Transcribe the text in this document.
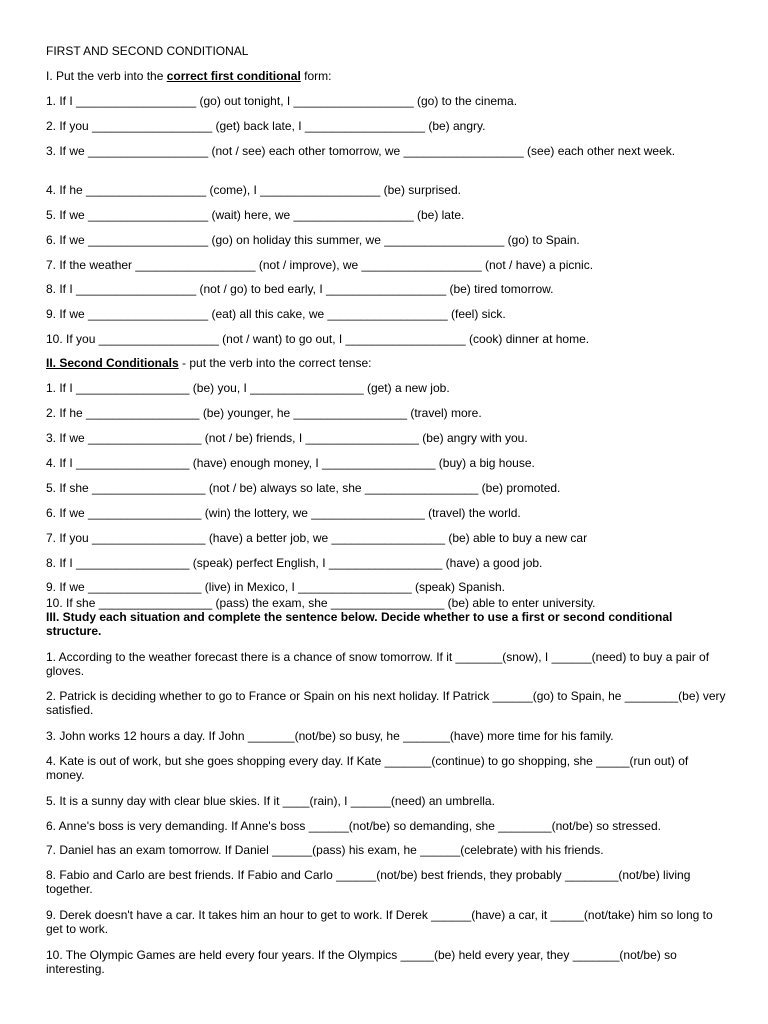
FIRST AND SECOND CONDITIONAL
I. Put the verb into the correct first conditional form:
1. If I __________________ (go) out tonight, I __________________ (go) to the cinema.
2. If you __________________ (get) back late, I __________________ (be) angry.
3. If we __________________ (not / see) each other tomorrow, we __________________ (see) each other next week.
4. If he __________________ (come), I __________________ (be) surprised.
5. If we __________________ (wait) here, we __________________ (be) late.
6. If we __________________ (go) on holiday this summer, we __________________ (go) to Spain.
7. If the weather __________________ (not / improve), we __________________ (not / have) a picnic.
8. If I __________________ (not / go) to bed early, I __________________ (be) tired tomorrow.
9. If we __________________ (eat) all this cake, we __________________ (feel) sick.
10. If you __________________ (not / want) to go out, I __________________ (cook) dinner at home.
II. Second Conditionals - put the verb into the correct tense:
1. If I _________________ (be) you, I _________________ (get) a new job.
2. If he _________________ (be) younger, he _________________ (travel) more.
3. If we _________________ (not / be) friends, I _________________ (be) angry with you.
4. If I _________________ (have) enough money, I _________________ (buy) a big house.
5. If she _________________ (not / be) always so late, she _________________ (be) promoted.
6. If we _________________ (win) the lottery, we _________________ (travel) the world.
7. If you _________________ (have) a better job, we _________________ (be) able to buy a new car
8. If I _________________ (speak) perfect English, I _________________ (have) a good job.
9. If we _________________ (live) in Mexico, I _________________ (speak) Spanish.
10. If she _________________ (pass) the exam, she _________________ (be) able to enter university.
III. Study each situation and complete the sentence below. Decide whether to use a first or second conditional structure.
1. According to the weather forecast there is a chance of snow tomorrow. If it _______(snow), I ______(need) to buy a pair of gloves.
2. Patrick is deciding whether to go to France or Spain on his next holiday. If Patrick ______(go) to Spain, he ________(be) very satisfied.
3. John works 12 hours a day. If John _______(not/be) so busy, he _______(have) more time for his family.
4. Kate is out of work, but she goes shopping every day. If Kate _______(continue) to go shopping, she _____(run out) of money.
5. It is a sunny day with clear blue skies. If it ____(rain), I ______(need) an umbrella.
6. Anne's boss is very demanding. If Anne's boss ______(not/be) so demanding, she ________(not/be) so stressed.
7. Daniel has an exam tomorrow. If Daniel ______(pass) his exam, he ______(celebrate) with his friends.
8. Fabio and Carlo are best friends. If Fabio and Carlo ______(not/be) best friends, they probably ________(not/be) living together.
9. Derek doesn't have a car. It takes him an hour to get to work. If Derek ______(have) a car, it _____(not/take) him so long to get to work.
10. The Olympic Games are held every four years. If the Olympics _____(be) held every year, they _______(not/be) so interesting.
